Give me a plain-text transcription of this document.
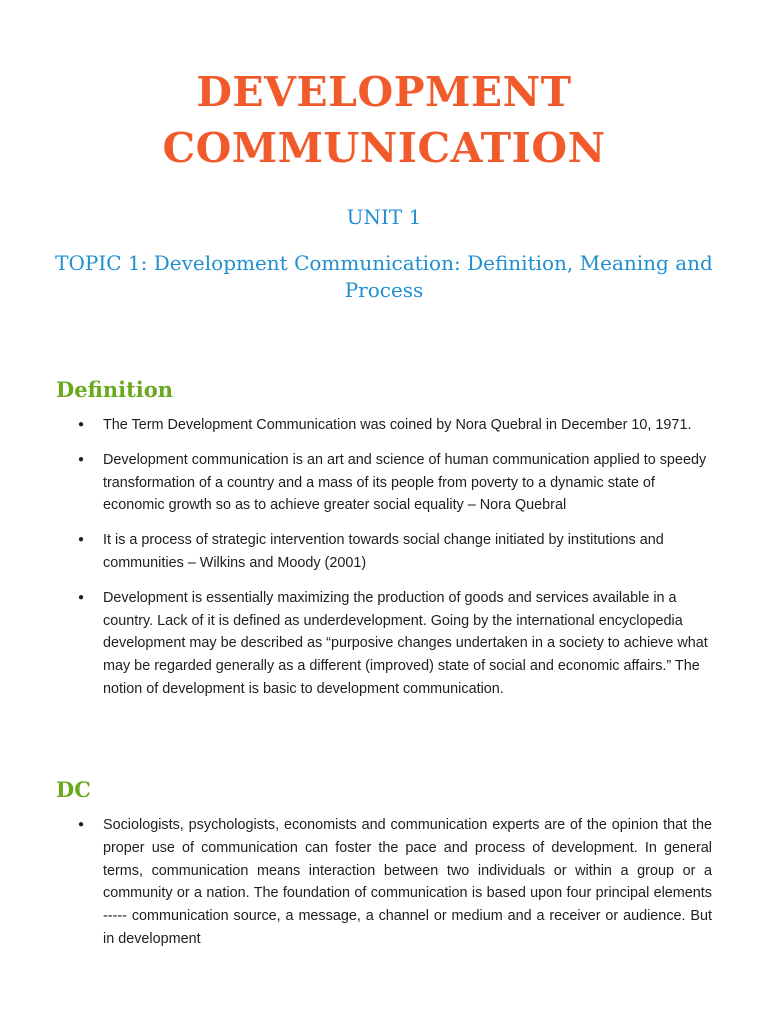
DEVELOPMENT
COMMUNICATION

UNIT 1

TOPIC 1: Development Communication: Definition, Meaning and Process

Definition
● The Term Development Communication was coined by Nora Quebral in December 10, 1971.
● Development communication is an art and science of human communication applied to speedy transformation of a country and a mass of its people from poverty to a dynamic state of economic growth so as to achieve greater social equality – Nora Quebral
● It is a process of strategic intervention towards social change initiated by institutions and communities – Wilkins and Moody (2001)
● Development is essentially maximizing the production of goods and services available in a country. Lack of it is defined as underdevelopment. Going by the international encyclopedia development may be described as “purposive changes undertaken in a society to achieve what may be regarded generally as a different (improved) state of social and economic affairs.” The notion of development is basic to development communication.
DC
● Sociologists, psychologists, economists and communication experts are of the opinion that the proper use of communication can foster the pace and process of development. In general terms, communication means interaction between two individuals or within a group or a community or a nation. The foundation of communication is based upon four principal elements ----- communication source, a message, a channel or medium and a receiver or audience. But in development
